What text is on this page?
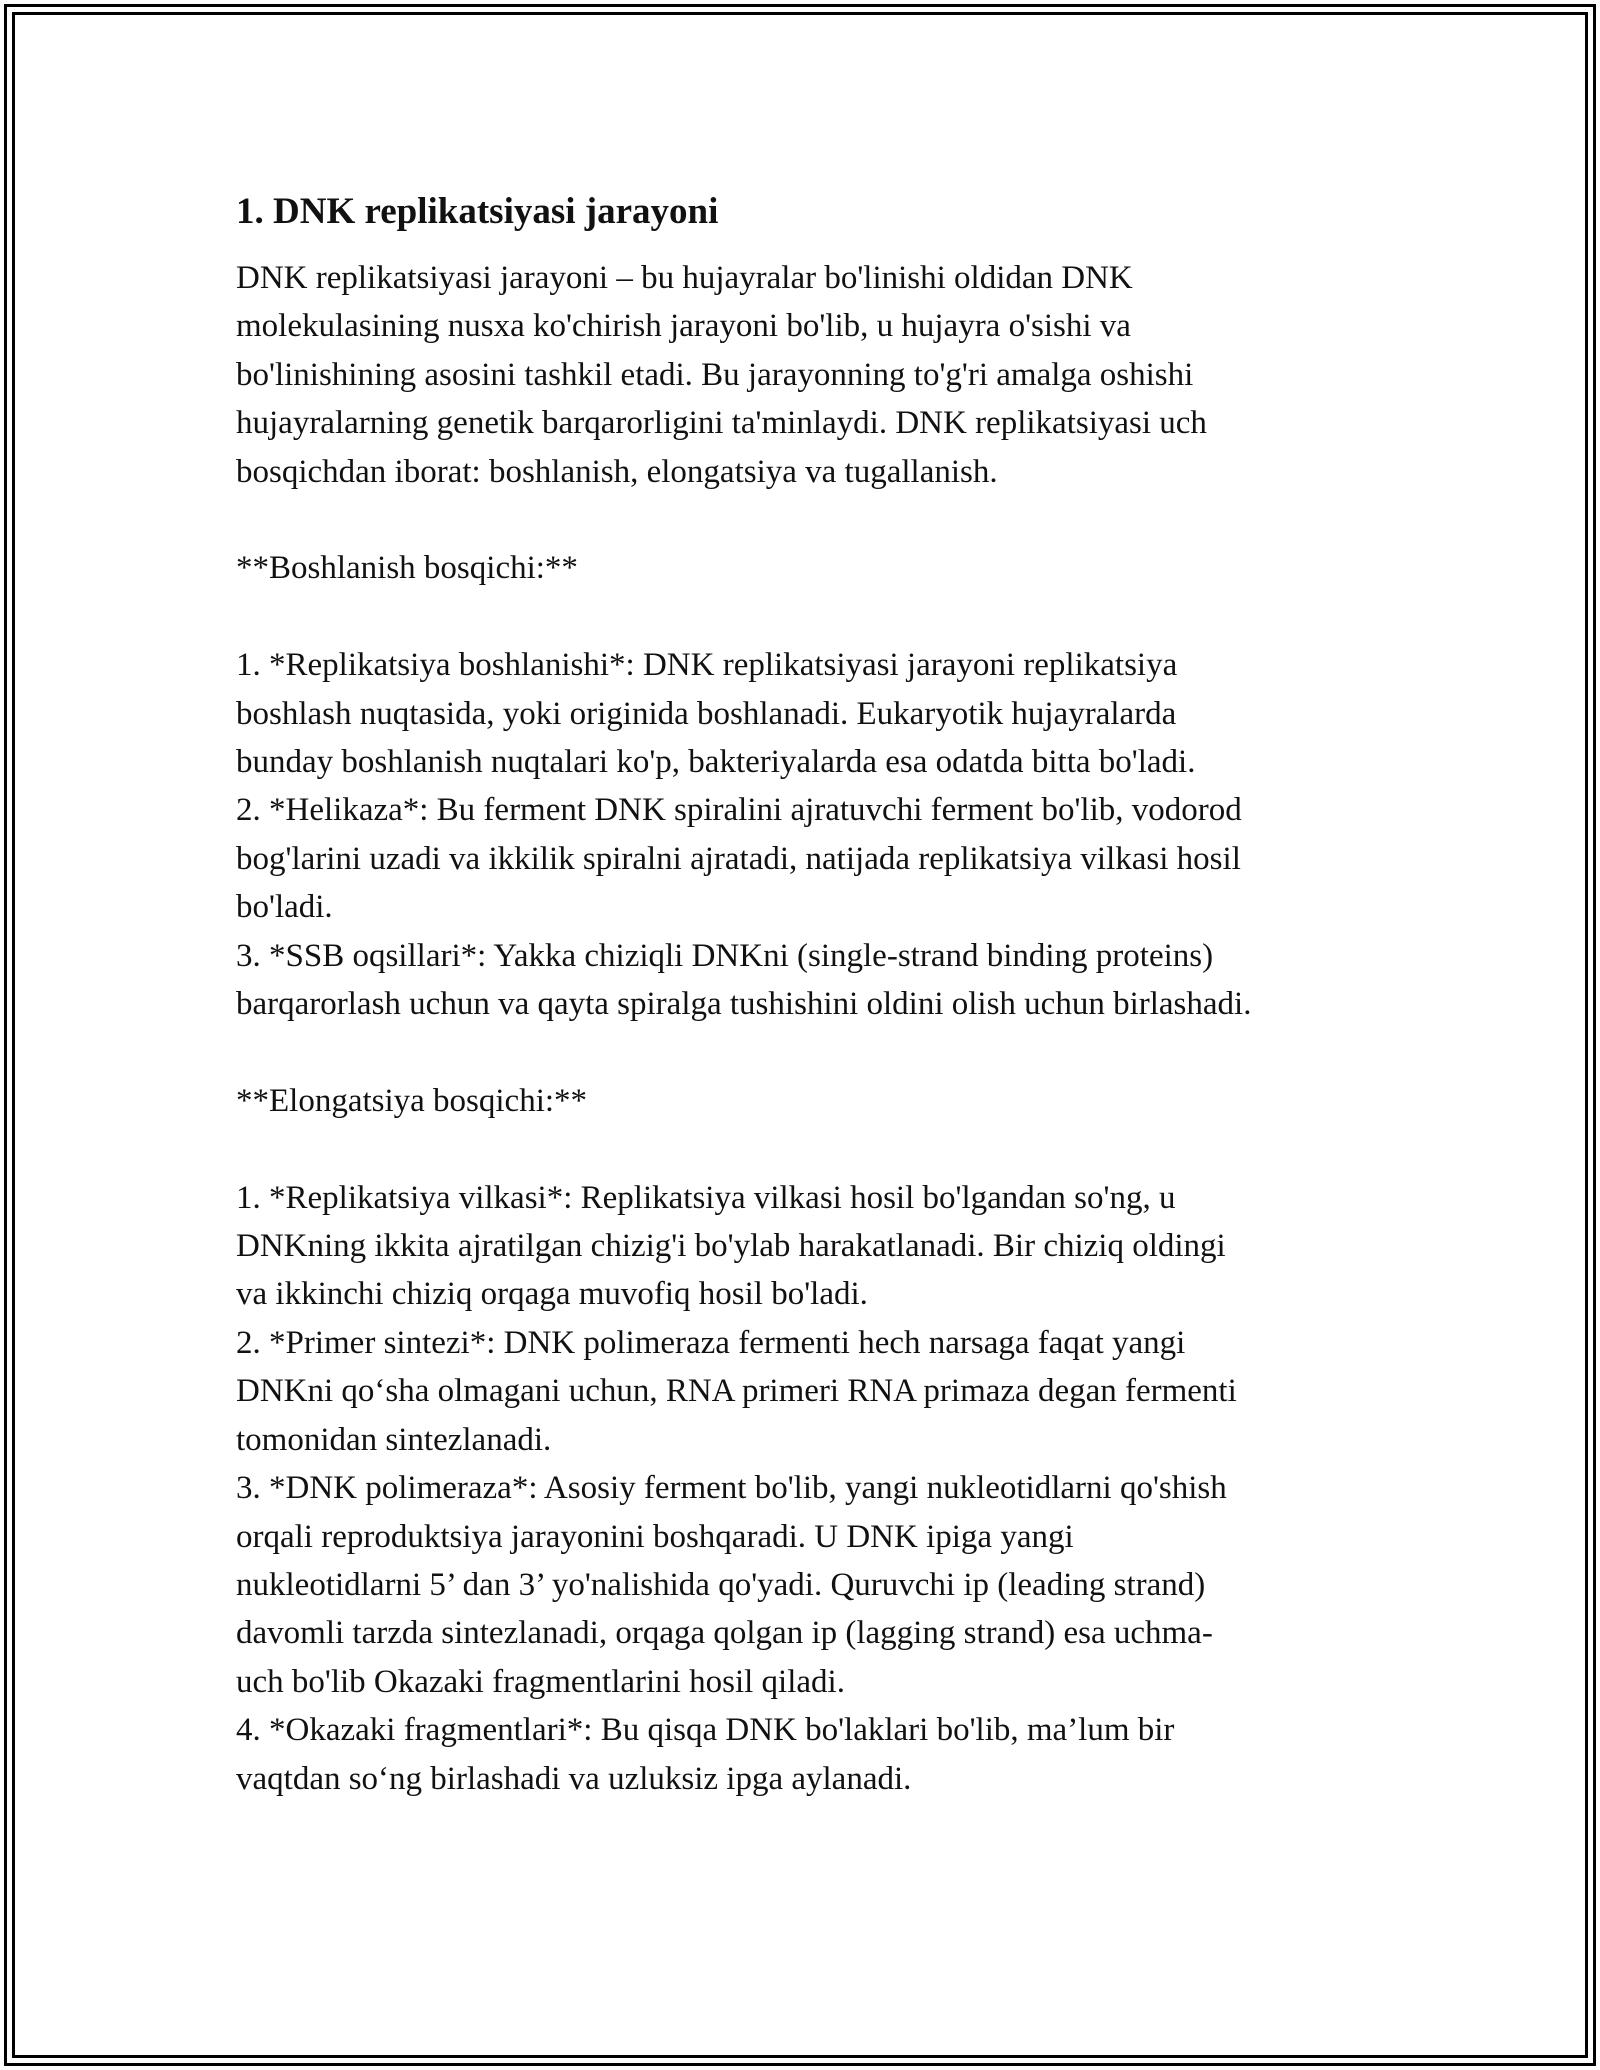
1. DNK replikatsiyasi jarayoni
DNK replikatsiyasi jarayoni – bu hujayralar bo'linishi oldidan DNK
molekulasining nusxa ko'chirish jarayoni bo'lib, u hujayra o'sishi va
bo'linishining asosini tashkil etadi. Bu jarayonning to'g'ri amalga oshishi
hujayralarning genetik barqarorligini ta'minlaydi. DNK replikatsiyasi uch
bosqichdan iborat: boshlanish, elongatsiya va tugallanish.
**Boshlanish bosqichi:**
1. *Replikatsiya boshlanishi*: DNK replikatsiyasi jarayoni replikatsiya
boshlash nuqtasida, yoki originida boshlanadi. Eukaryotik hujayralarda
bunday boshlanish nuqtalari ko'p, bakteriyalarda esa odatda bitta bo'ladi.
2. *Helikaza*: Bu ferment DNK spiralini ajratuvchi ferment bo'lib, vodorod
bog'larini uzadi va ikkilik spiralni ajratadi, natijada replikatsiya vilkasi hosil
bo'ladi.
3. *SSB oqsillari*: Yakka chiziqli DNKni (single-strand binding proteins)
barqarorlash uchun va qayta spiralga tushishini oldini olish uchun birlashadi.
**Elongatsiya bosqichi:**
1. *Replikatsiya vilkasi*: Replikatsiya vilkasi hosil bo'lgandan so'ng, u
DNKning ikkita ajratilgan chizig'i bo'ylab harakatlanadi. Bir chiziq oldingi
va ikkinchi chiziq orqaga muvofiq hosil bo'ladi.
2. *Primer sintezi*: DNK polimeraza fermenti hech narsaga faqat yangi
DNKni qo‘sha olmagani uchun, RNA primeri RNA primaza degan fermenti
tomonidan sintezlanadi.
3. *DNK polimeraza*: Asosiy ferment bo'lib, yangi nukleotidlarni qo'shish
orqali reproduktsiya jarayonini boshqaradi. U DNK ipiga yangi
nukleotidlarni 5’ dan 3’ yo'nalishida qo'yadi. Quruvchi ip (leading strand)
davomli tarzda sintezlanadi, orqaga qolgan ip (lagging strand) esa uchma-
uch bo'lib Okazaki fragmentlarini hosil qiladi.
4. *Okazaki fragmentlari*: Bu qisqa DNK bo'laklari bo'lib, ma’lum bir
vaqtdan so‘ng birlashadi va uzluksiz ipga aylanadi.
